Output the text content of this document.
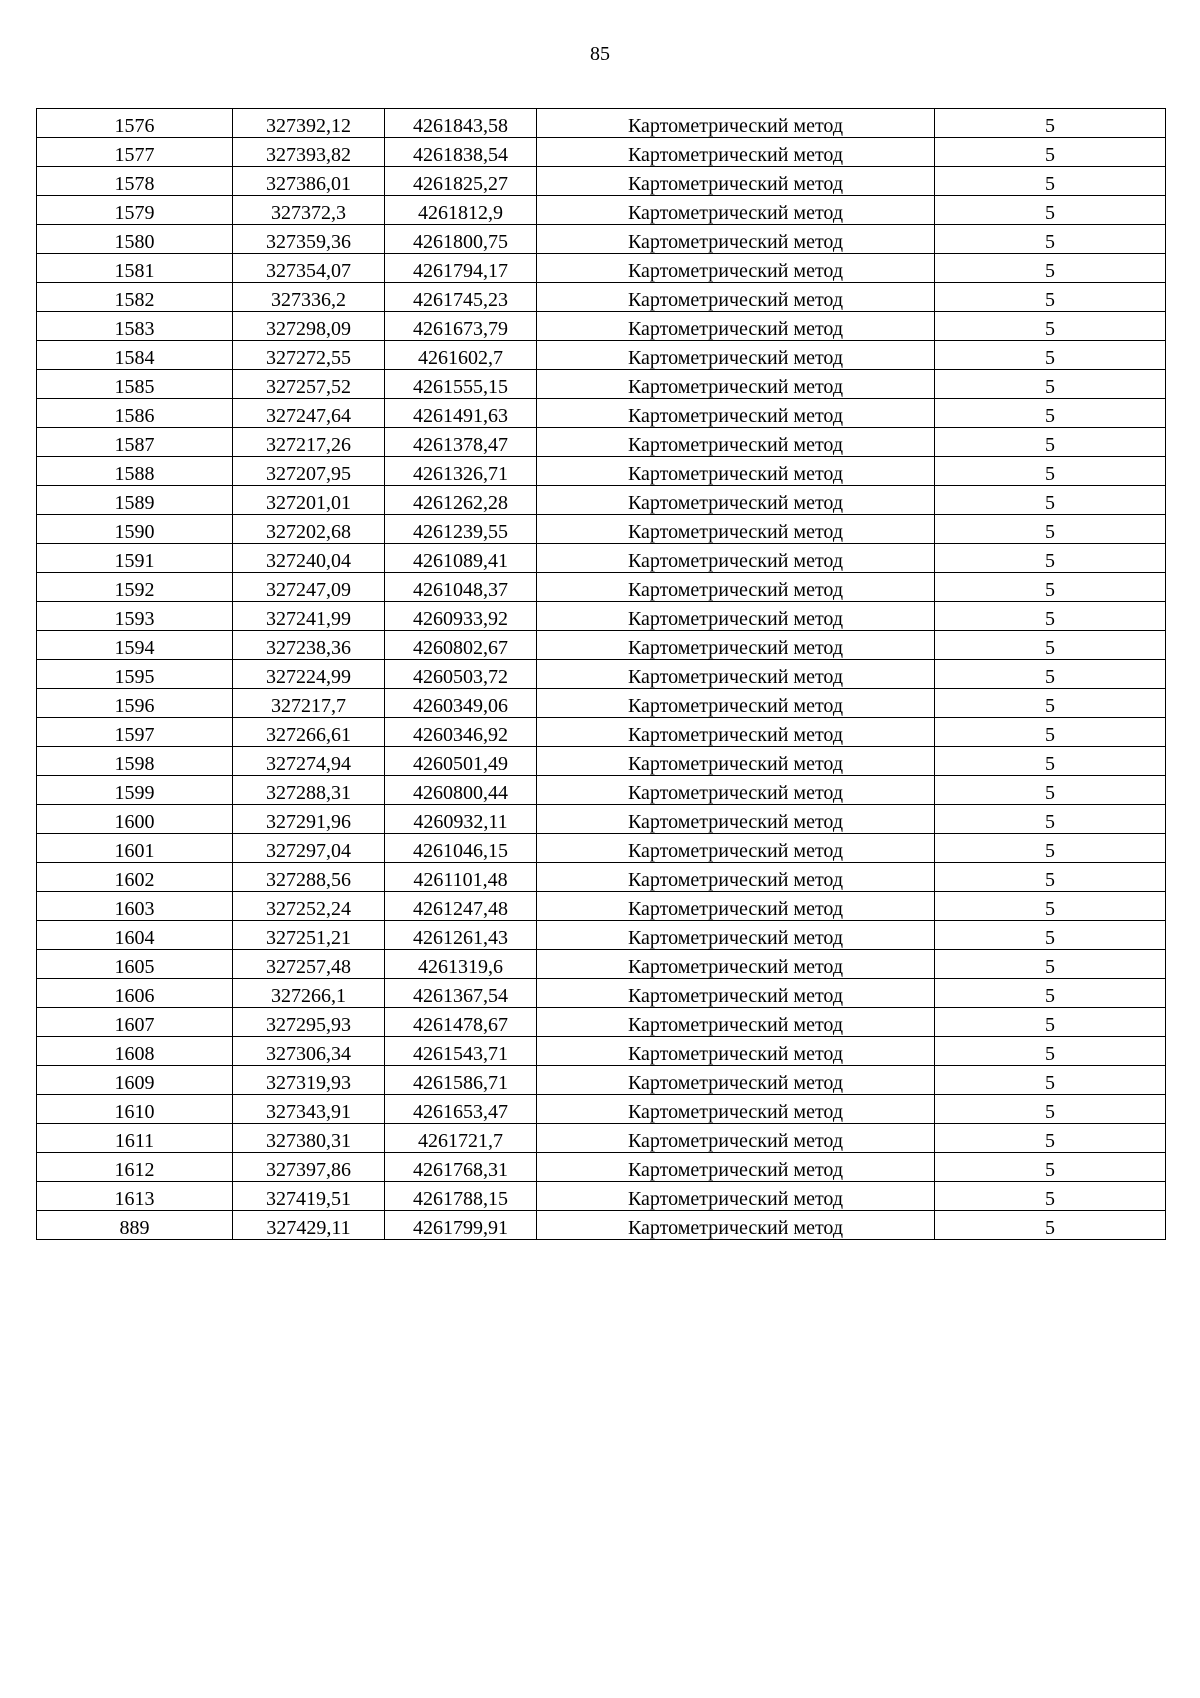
85
1576	327392,12	4261843,58	Картометрический метод	5
1577	327393,82	4261838,54	Картометрический метод	5
1578	327386,01	4261825,27	Картометрический метод	5
1579	327372,3	4261812,9	Картометрический метод	5
1580	327359,36	4261800,75	Картометрический метод	5
1581	327354,07	4261794,17	Картометрический метод	5
1582	327336,2	4261745,23	Картометрический метод	5
1583	327298,09	4261673,79	Картометрический метод	5
1584	327272,55	4261602,7	Картометрический метод	5
1585	327257,52	4261555,15	Картометрический метод	5
1586	327247,64	4261491,63	Картометрический метод	5
1587	327217,26	4261378,47	Картометрический метод	5
1588	327207,95	4261326,71	Картометрический метод	5
1589	327201,01	4261262,28	Картометрический метод	5
1590	327202,68	4261239,55	Картометрический метод	5
1591	327240,04	4261089,41	Картометрический метод	5
1592	327247,09	4261048,37	Картометрический метод	5
1593	327241,99	4260933,92	Картометрический метод	5
1594	327238,36	4260802,67	Картометрический метод	5
1595	327224,99	4260503,72	Картометрический метод	5
1596	327217,7	4260349,06	Картометрический метод	5
1597	327266,61	4260346,92	Картометрический метод	5
1598	327274,94	4260501,49	Картометрический метод	5
1599	327288,31	4260800,44	Картометрический метод	5
1600	327291,96	4260932,11	Картометрический метод	5
1601	327297,04	4261046,15	Картометрический метод	5
1602	327288,56	4261101,48	Картометрический метод	5
1603	327252,24	4261247,48	Картометрический метод	5
1604	327251,21	4261261,43	Картометрический метод	5
1605	327257,48	4261319,6	Картометрический метод	5
1606	327266,1	4261367,54	Картометрический метод	5
1607	327295,93	4261478,67	Картометрический метод	5
1608	327306,34	4261543,71	Картометрический метод	5
1609	327319,93	4261586,71	Картометрический метод	5
1610	327343,91	4261653,47	Картометрический метод	5
1611	327380,31	4261721,7	Картометрический метод	5
1612	327397,86	4261768,31	Картометрический метод	5
1613	327419,51	4261788,15	Картометрический метод	5
889	327429,11	4261799,91	Картометрический метод	5
